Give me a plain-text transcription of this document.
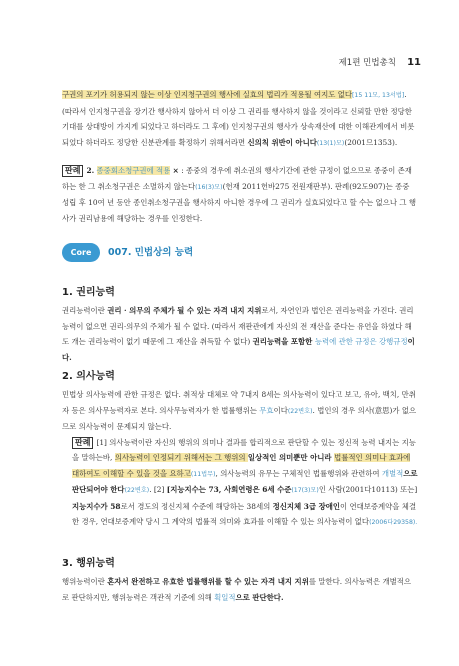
제1편 민법총칙 11

구권의 포기가 허용되지 않는 이상 인지청구권의 행사에 실효의 법리가 적용될 여지도 없다[15 11모, 13서법]. (따라서 인지청구권을 장기간 행사하지 않아서 더 이상 그 권리를 행사하지 않을 것이라고 신뢰할 만한 정당한 기대를 상대방이 가지게 되었다고 하더라도 그 후에) 인지청구권의 행사가 상속재산에 대한 이해관계에서 비롯되었다 하더라도 정당한 신분관계를 확정하기 위해서라면 신의칙 위반이 아니다(13(1)모)(2001므1353).

판례 2. 종중회소청구권에 적용 × : 종중의 경우에 취소권의 행사기간에 관한 규정이 없으므로 종중이 존재하는 한 그 취소청구권은 소멸하지 않는다(16(3)모)(헌재 2011헌바275 전원재판부). 판례(92도907)는 종중 성립 후 10여 년 동안 종인취소청구권을 행사하지 아니한 경우에 그 권리가 실효되었다고 할 수는 없으나 그 행사가 권리남용에 해당하는 경우를 인정한다.

Core	007. 민법상의 능력
1. 권리능력

권리능력이란 권리 · 의무의 주체가 될 수 있는 자격 내지 지위로서, 자연인과 법인은 권리능력을 가진다. 권리능력이 없으면 권리·의무의 주체가 될 수 없다. (따라서 재판관에게 자신의 전 재산을 준다는 유언을 하였다 해도 개는 권리능력이 없기 때문에 그 재산을 취득할 수 없다) 권리능력을 포함한 능력에 관한 규정은 강행규정이다.

2. 의사능력

민법상 의사능력에 관한 규정은 없다. 취적상 대체로 약 7내지 8세는 의사능력이 있다고 보고, 유아, 백치, 만취자 등은 의사무능력자로 본다. 의사무능력자가 한 법률행위는 무효이다(22변호). 법인의 경우 의사(意思)가 없으므로 의사능력이 문제되지 않는다.

판례 [1] 의사능력이란 자신의 행위의 의미나 결과를 합리적으로 판단할 수 있는 정신적 능력 내지는 지능을 말하는바, 의사능력이 인정되기 위해서는 그 행위의 일상적인 의미뿐만 아니라 법률적인 의미나 효과에 대하여도 이해할 수 있을 것을 요하고(11법무), 의사능력의 유무는 구체적인 법률행위와 관련하여 개별적으로 판단되어야 한다(22변호). [2] [지능지수는 73, 사회연령은 6세 수준(17(3)모)인 사람(2001다10113) 또는] 지능지수가 58로서 경도의 정신지체 수준에 해당하는 38세의 정신지체 3급 장애인이 연대보증계약을 체결한 경우, 연대보증계약 당시 그 계약의 법률적 의미와 효과를 이해할 수 있는 의사능력이 없다(2006다29358).

3. 행위능력

행위능력이란 혼자서 완전하고 유효한 법률행위를 할 수 있는 자격 내지 지위를 말한다. 의사능력은 개별적으로 판단하지만, 행위능력은 객관적 기준에 의해 획일적으로 판단한다.
